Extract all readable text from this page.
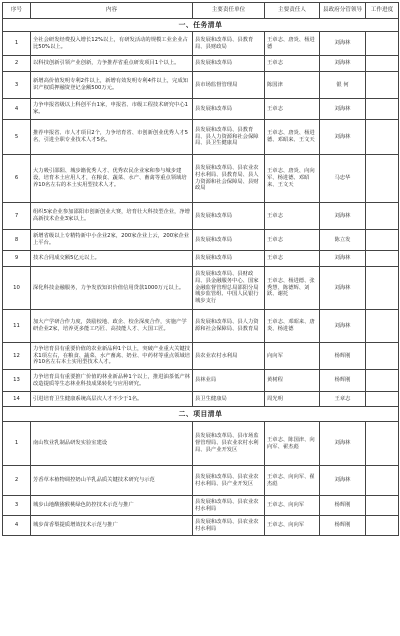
序号	内容	主要责任单位	主要责任人	县政府分管领导	工作进度
一、任务清单					
1	全社会研发经费投入增长12%以上，有研发活动的规模工业企业占比50%以上。	县发展和改革局、县教育局、县财政局	王章志、唐炎、杨进德	刘海林	
2	以科技创新引领产业创新，力争推荐省重点研发项目1个以上。	县发展和改革局	王章志	刘海林	
3	新增高价值发明专利2件以上，新增有效发明专利4件以上，完成知识产权质押融资登记金额500万元。	县市场监督管理局	陈国津	银 何	
4	力争申报省级以上科创平台1家，申报省、市级工程技术研究中心1家。	县发展和改革局	王章志	刘海林	
5	推荐申报省、市人才项目2个，力争培育省、市创新创业优秀人才5名，引进全职专业技术人才5名。	县发展和改革局、县教育局、县人力资源和社会保障局、县卫生健康局	王章志、唐炎、杨进德、邓昭来、王文天	刘海林	
6	大力吸引邵阳、城步籍优秀人才、优秀农民企业家和参与城步建设，培育本土应用人才，在粮食、蔬菜、水产、畜禽等重点领域培养10名左右的本土实用型技术人才。	县发展和改革局、县农业农村水利局、县教育局、县人力资源和社会保障局、县财政局	王章志、唐炎、向向军、杨进德、邓昭来、王文天	马忠华	
7	组织5家企业参加邵阳市创新创业大赛，培育壮大科技型企业，净增高新技术企业3家以上。	县发展和改革局	王章志	刘海林	
8	新增省级以上专精特新中小企业2家，200家企业上云，200家企业上平台。	县发展和改革局	王章志	陈立发	
9	技术合同成交额5亿元以上。	县发展和改革局	王章志	刘海林	
10	深化科技金融服务，力争发放知识价值信用贷款1000万元以上。	县发展和改革局、县财政局、县金融服务中心、国家金融监督管理总局邵阳分局城步监管组、中国人民银行城步支行	王章志、杨进德、张秀慧、陈德辉、刘跃、谢托	刘海林	
11	加大产学研合作力度，鼓励校地、政企、校企深度合作，实施产学研企业2家，培养更多能工巧匠、高技能人才、大国工匠。	县发展和改革局、县人力资源和社会保障局、县教育局	王章志、邓昭来、唐炎、杨进德	刘海林	
12	力争培育县有重要价值的农业新品种1个以上，突破产业重大关键技术1项左右，在粮食、蔬菜、水产畜禽、奶业、中药材等重点领域培养10名左右本土实用型技术人才。	县农业农村水利局	向向军	杨辉刚	
13	力争培育具有重要推广价值的林业新品种1个以上，推进油茶低产林改造提质等生态林业科技成果转化与应用研究。	县林业局	黄树程	杨辉刚	
14	引进培育卫生健康系统高层次人才不少于1名。	县卫生健康局	周光明	王章志	
二、项目清单					
1	南山牧业乳制品研发实验室建设	县发展和改革局、县市场监督管理局、县农业农村水利局、县产业开发区	王章志、陈国津、向向军、翟杰彪	刘海林	
2	芳香草本植物调控奶山羊乳品质关键技术研究与示范	县发展和改革局、县农业农村水利局、县产业开发区	王章志、向向军、翟杰彪	刘海林	
3	城步山地酸猕猴桃绿色防控技术示范与推广	县发展和改革局、县农业农村水利局	王章志、向向军	杨辉刚	
4	城步苗香梨提质增效技术示范与推广	县发展和改革局、县农业农村水利局	王章志、向向军	杨辉刚	
